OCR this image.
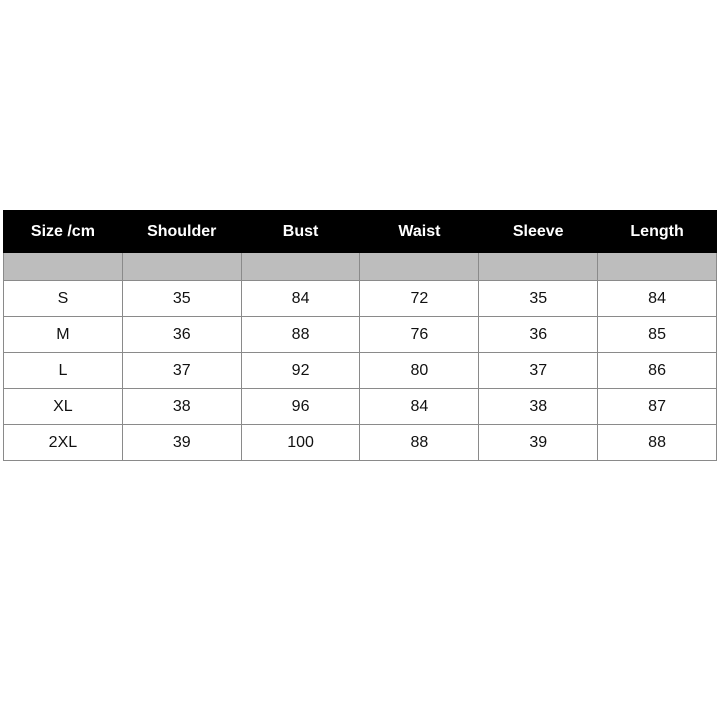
Size /cm	Shoulder	Bust	Waist	Sleeve	Length

S	35	84	72	35	84
M	36	88	76	36	85
L	37	92	80	37	86
XL	38	96	84	38	87
2XL	39	100	88	39	88
